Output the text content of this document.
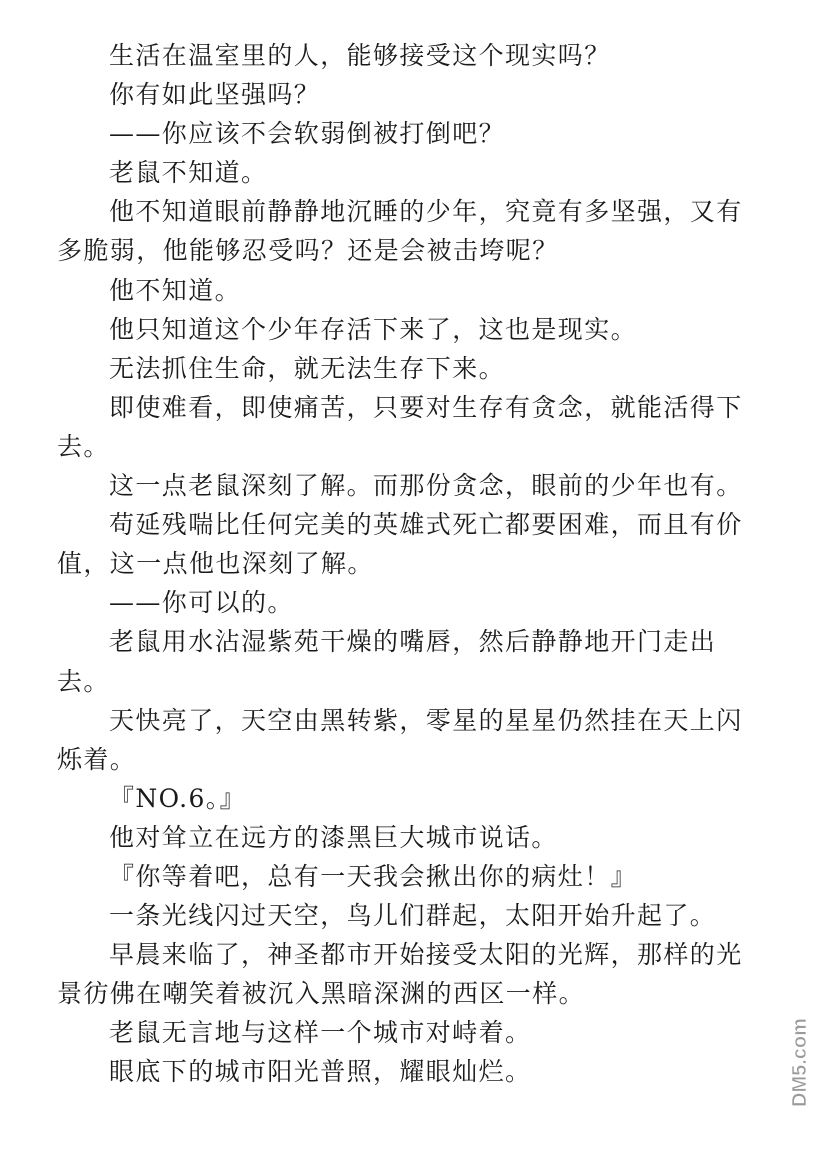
生活在温室里的人，能够接受这个现实吗？

你有如此坚强吗？

——你应该不会软弱倒被打倒吧？

老鼠不知道。

他不知道眼前静静地沉睡的少年，究竟有多坚强，又有多脆弱，他能够忍受吗？还是会被击垮呢？

他不知道。

他只知道这个少年存活下来了，这也是现实。

无法抓住生命，就无法生存下来。

即使难看，即使痛苦，只要对生存有贪念，就能活得下去。

这一点老鼠深刻了解。而那份贪念，眼前的少年也有。

苟延残喘比任何完美的英雄式死亡都要困难，而且有价值，这一点他也深刻了解。

——你可以的。

老鼠用水沾湿紫苑干燥的嘴唇，然后静静地开门走出去。

天快亮了，天空由黑转紫，零星的星星仍然挂在天上闪烁着。

『NO.6。』

他对耸立在远方的漆黑巨大城市说话。

『你等着吧，总有一天我会揪出你的病灶！』

一条光线闪过天空，鸟儿们群起，太阳开始升起了。

早晨来临了，神圣都市开始接受太阳的光辉，那样的光景彷佛在嘲笑着被沉入黑暗深渊的西区一样。

老鼠无言地与这样一个城市对峙着。

眼底下的城市阳光普照，耀眼灿烂。	DM5.com
